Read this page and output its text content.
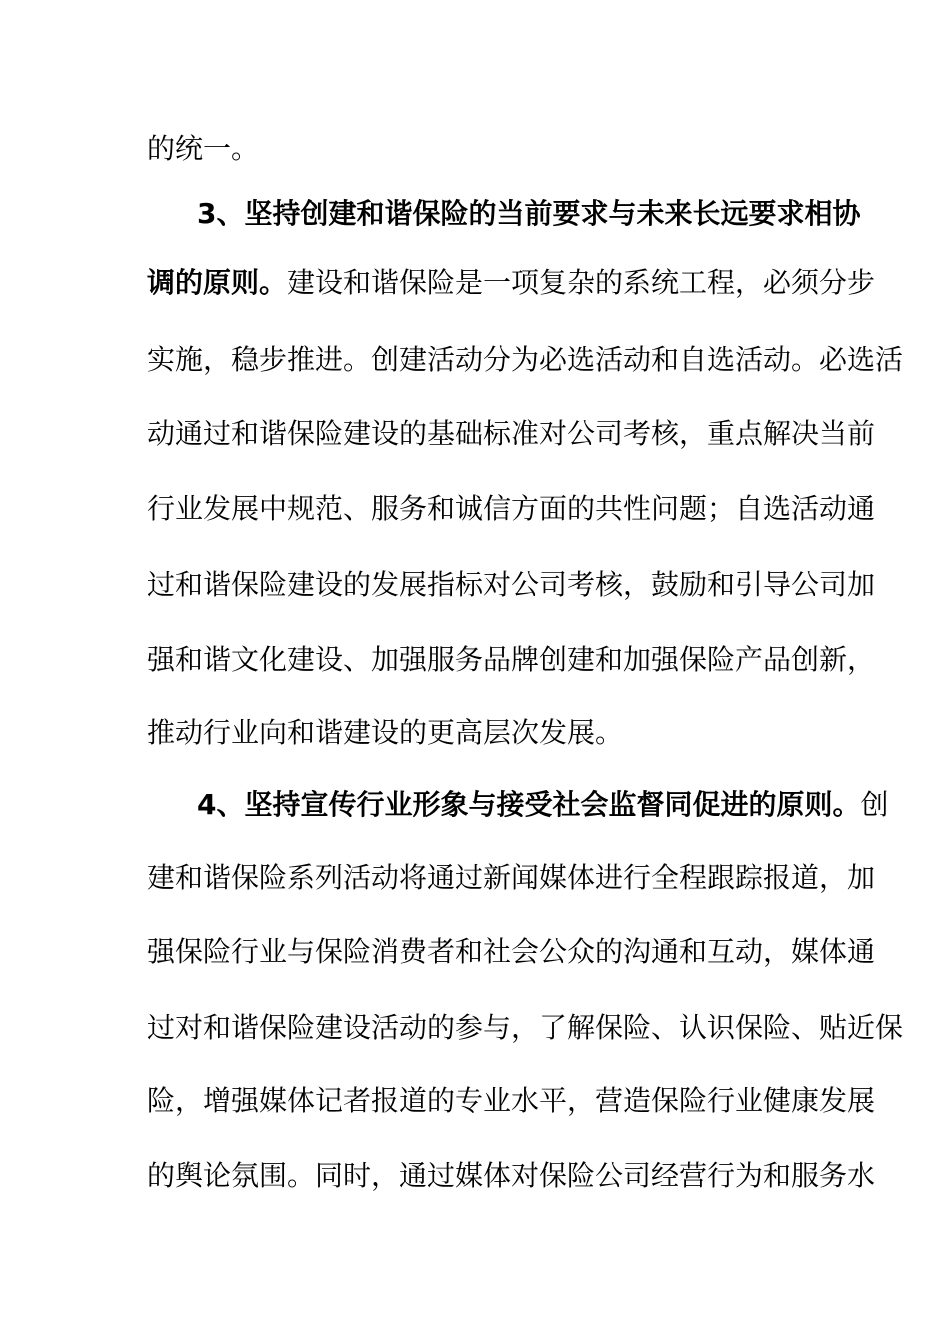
的统一。
3、坚持创建和谐保险的当前要求与未来长远要求相协
调的原则。建设和谐保险是一项复杂的系统工程，必须分步
实施，稳步推进。创建活动分为必选活动和自选活动。必选活
动通过和谐保险建设的基础标准对公司考核，重点解决当前
行业发展中规范、服务和诚信方面的共性问题；自选活动通
过和谐保险建设的发展指标对公司考核，鼓励和引导公司加
强和谐文化建设、加强服务品牌创建和加强保险产品创新，
推动行业向和谐建设的更高层次发展。
4、坚持宣传行业形象与接受社会监督同促进的原则。创
建和谐保险系列活动将通过新闻媒体进行全程跟踪报道，加
强保险行业与保险消费者和社会公众的沟通和互动，媒体通
过对和谐保险建设活动的参与，了解保险、认识保险、贴近保
险，增强媒体记者报道的专业水平，营造保险行业健康发展
的舆论氛围。同时，通过媒体对保险公司经营行为和服务水
